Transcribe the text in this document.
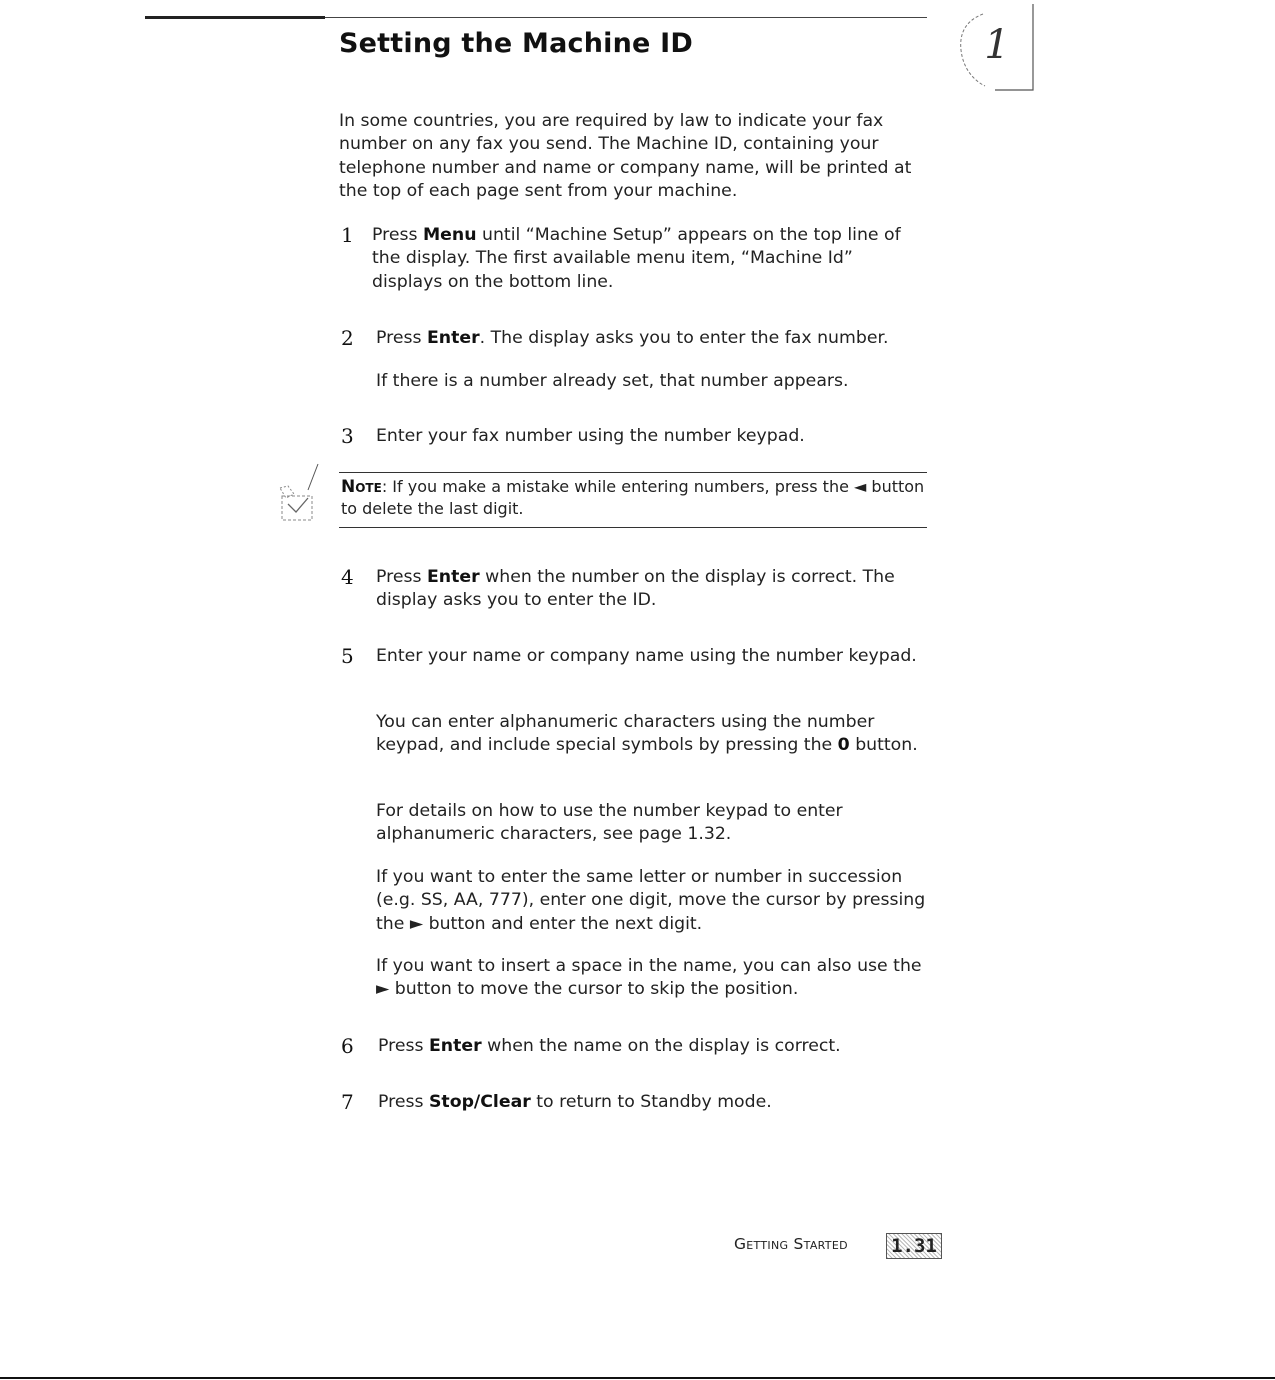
Setting the Machine ID	1

In some countries, you are required by law to indicate your fax number on any fax you send. The Machine ID, containing your telephone number and name or company name, will be printed at the top of each page sent from your machine.

1 Press Menu until “Machine Setup” appears on the top line of the display. The first available menu item, “Machine Id” displays on the bottom line.

2 Press Enter. The display asks you to enter the fax number.

If there is a number already set, that number appears.

3 Enter your fax number using the number keypad.

Note: If you make a mistake while entering numbers, press the ◄ button to delete the last digit.

4 Press Enter when the number on the display is correct. The display asks you to enter the ID.

5 Enter your name or company name using the number keypad.

You can enter alphanumeric characters using the number keypad, and include special symbols by pressing the 0 button.

For details on how to use the number keypad to enter alphanumeric characters, see page 1.32.

If you want to enter the same letter or number in succession (e.g. SS, AA, 777), enter one digit, move the cursor by pressing the ► button and enter the next digit.

If you want to insert a space in the name, you can also use the ► button to move the cursor to skip the position.

6 Press Enter when the name on the display is correct.

7 Press Stop/Clear to return to Standby mode.

Getting Started 1.31
